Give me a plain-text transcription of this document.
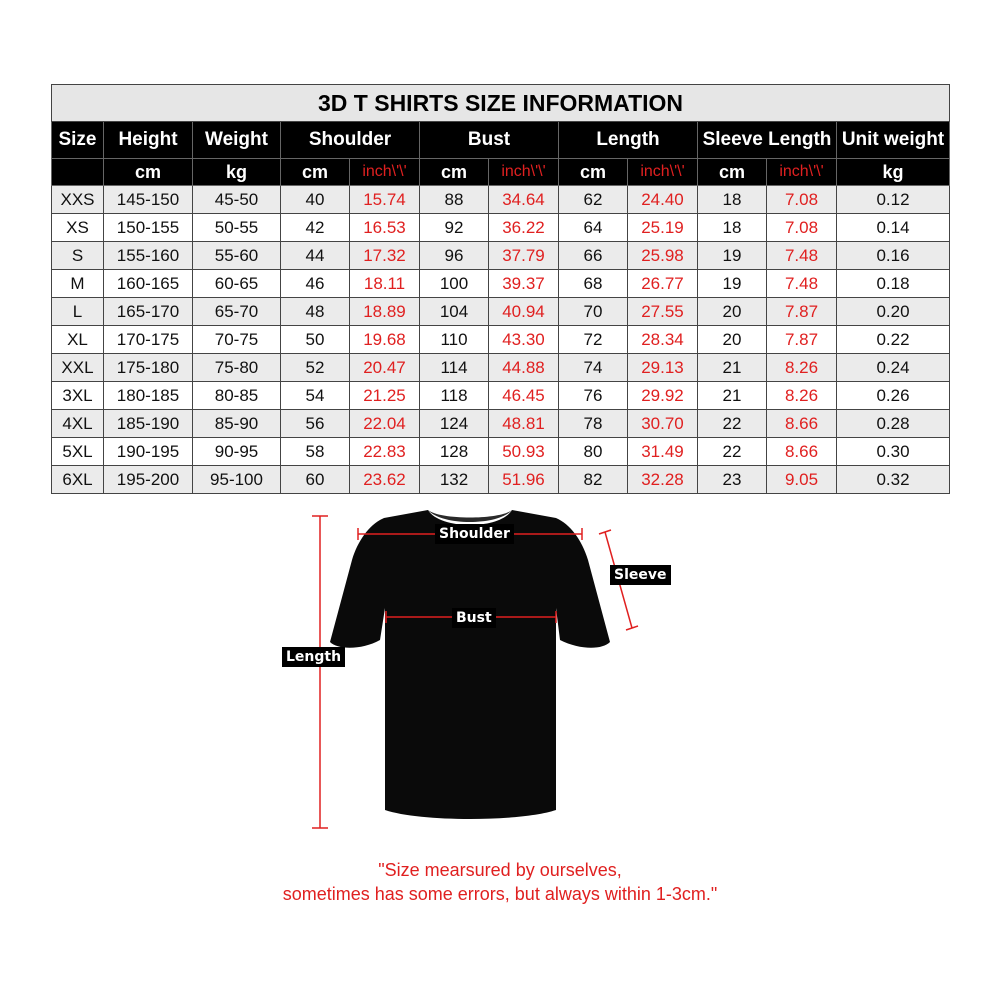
3D T SHIRTS SIZE INFORMATION											
Size	Height	Weight	Shoulder		Bust		Length		Sleeve Length		Unit weight
	cm	kg	cm	inch\'\'	cm	inch\'\'	cm	inch\'\'	cm	inch\'\'	kg
XXS	145-150	45-50	40	15.74	88	34.64	62	24.40	18	7.08	0.12
XS	150-155	50-55	42	16.53	92	36.22	64	25.19	18	7.08	0.14
S	155-160	55-60	44	17.32	96	37.79	66	25.98	19	7.48	0.16
M	160-165	60-65	46	18.11	100	39.37	68	26.77	19	7.48	0.18
L	165-170	65-70	48	18.89	104	40.94	70	27.55	20	7.87	0.20
XL	170-175	70-75	50	19.68	110	43.30	72	28.34	20	7.87	0.22
XXL	175-180	75-80	52	20.47	114	44.88	74	29.13	21	8.26	0.24
3XL	180-185	80-85	54	21.25	118	46.45	76	29.92	21	8.26	0.26
4XL	185-190	85-90	56	22.04	124	48.81	78	30.70	22	8.66	0.28
5XL	190-195	90-95	58	22.83	128	50.93	80	31.49	22	8.66	0.30
6XL	195-200	95-100	60	23.62	132	51.96	82	32.28	23	9.05	0.32
Shoulder
Sleeve
Bust
Length
"Size mearsured by ourselves,
sometimes has some errors, but always within 1-3cm."
